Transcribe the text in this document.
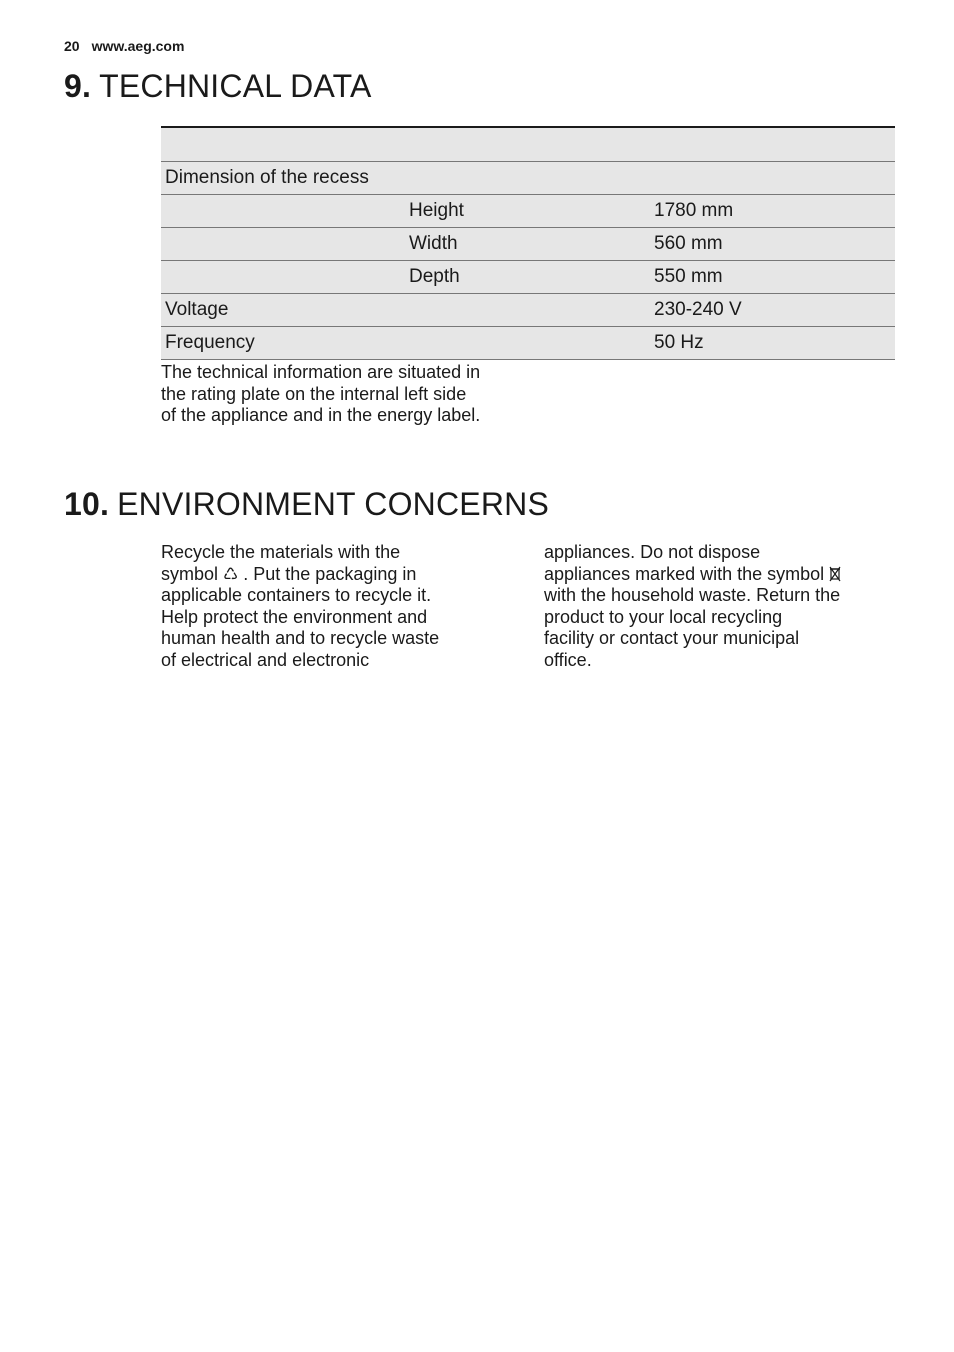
20 www.aeg.com
9. TECHNICAL DATA

Dimension of the recess		
	Height	1780 mm
	Width	560 mm
	Depth	550 mm
Voltage		230-240 V
Frequency		50 Hz

The technical information are situated in
the rating plate on the internal left side
of the appliance and in the energy label.

10. ENVIRONMENT CONCERNS

Recycle the materials with the
symbol ♺ . Put the packaging in
applicable containers to recycle it.
Help protect the environment and
human health and to recycle waste
of electrical and electronic

appliances. Do not dispose
appliances marked with the symbol
with the household waste. Return the
product to your local recycling
facility or contact your municipal
office.
